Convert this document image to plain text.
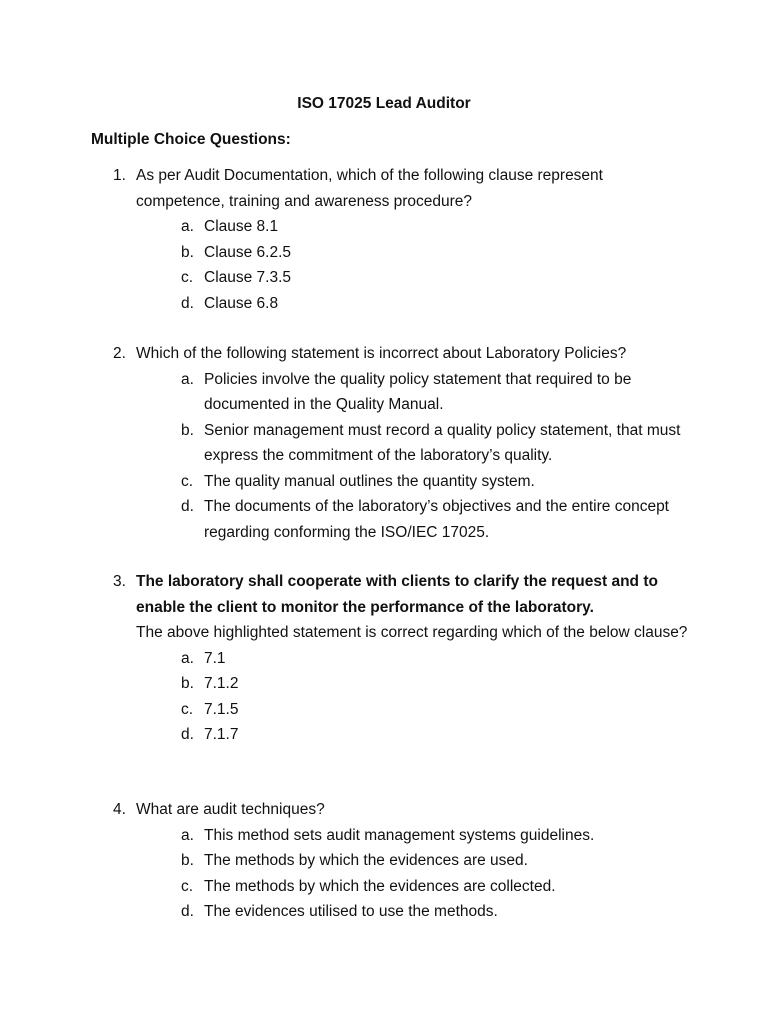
ISO 17025 Lead Auditor
Multiple Choice Questions:
1. As per Audit Documentation, which of the following clause represent competence, training and awareness procedure?
a. Clause 8.1
b. Clause 6.2.5
c. Clause 7.3.5
d. Clause 6.8
2. Which of the following statement is incorrect about Laboratory Policies?
a. Policies involve the quality policy statement that required to be documented in the Quality Manual.
b. Senior management must record a quality policy statement, that must express the commitment of the laboratory’s quality.
c. The quality manual outlines the quantity system.
d. The documents of the laboratory’s objectives and the entire concept regarding conforming the ISO/IEC 17025.
3. The laboratory shall cooperate with clients to clarify the request and to enable the client to monitor the performance of the laboratory.
The above highlighted statement is correct regarding which of the below clause?
a. 7.1
b. 7.1.2
c. 7.1.5
d. 7.1.7
4. What are audit techniques?
a. This method sets audit management systems guidelines.
b. The methods by which the evidences are used.
c. The methods by which the evidences are collected.
d. The evidences utilised to use the methods.
